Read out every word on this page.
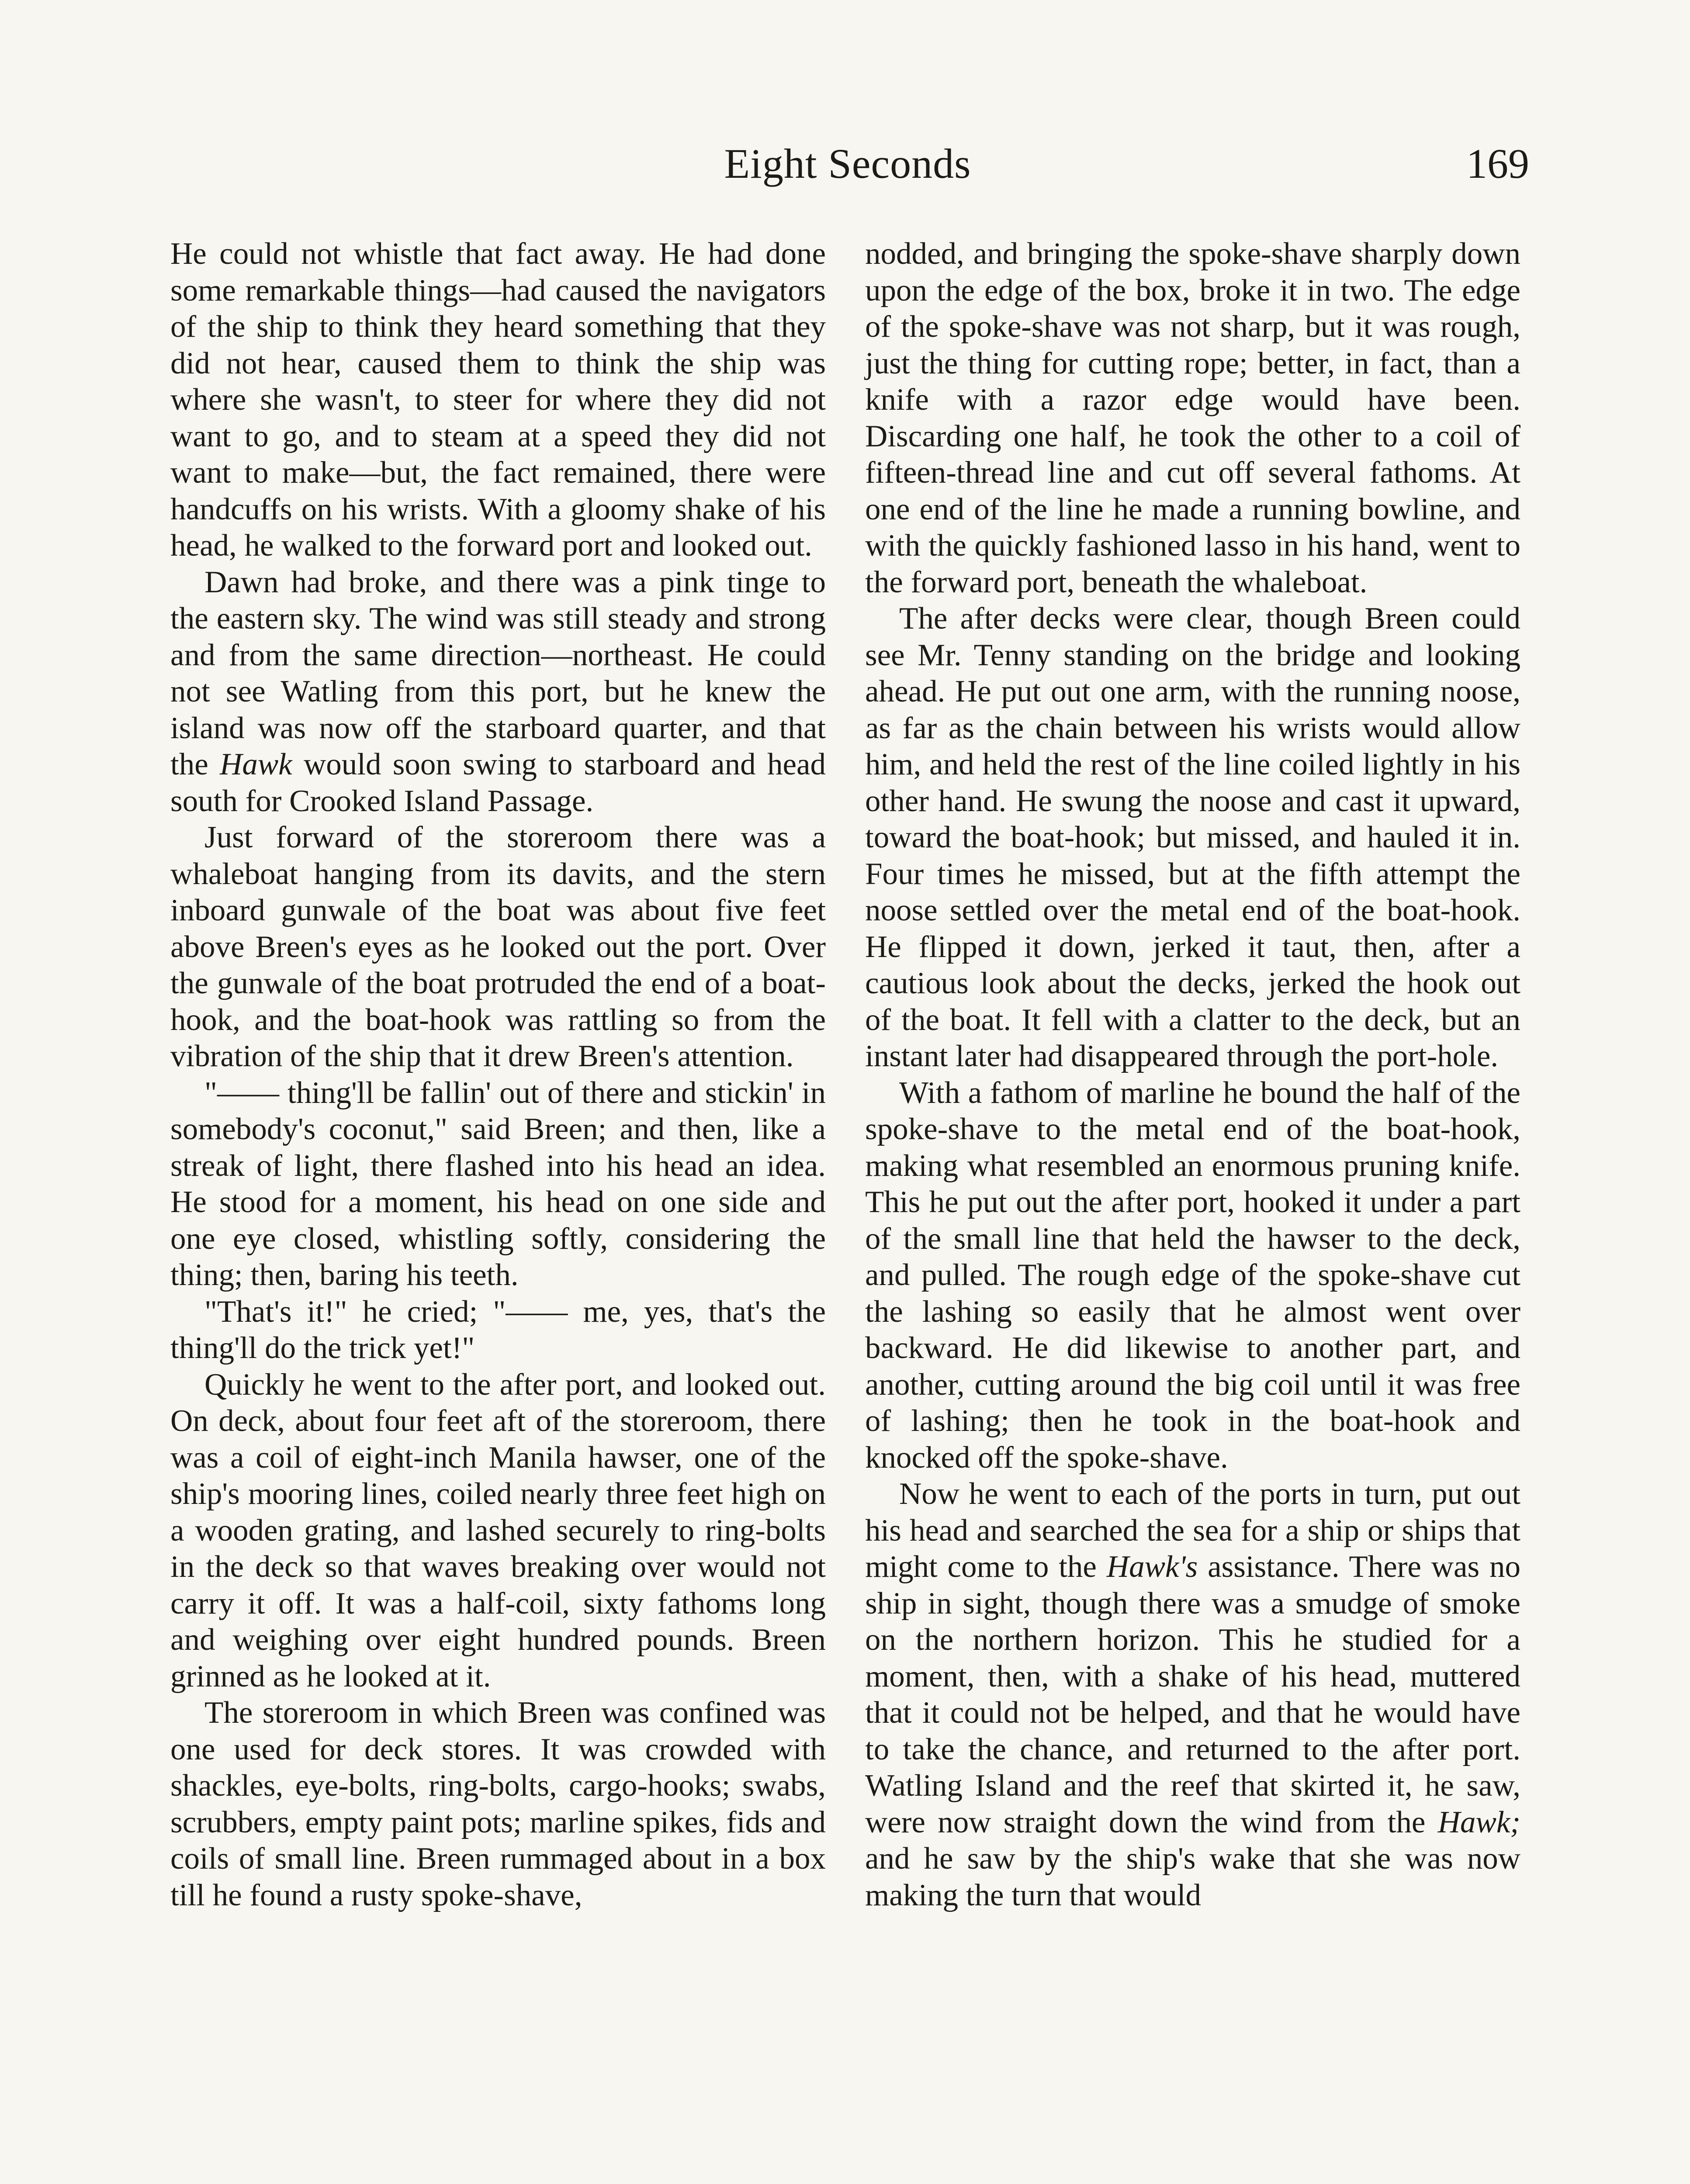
Eight Seconds	169

He could not whistle that fact away. He had done some remarkable things—had caused the navigators of the ship to think they heard something that they did not hear, caused them to think the ship was where she wasn't, to steer for where they did not want to go, and to steam at a speed they did not want to make—but, the fact remained, there were handcuffs on his wrists. With a gloomy shake of his head, he walked to the forward port and looked out.

Dawn had broke, and there was a pink tinge to the eastern sky. The wind was still steady and strong and from the same direction—northeast. He could not see Watling from this port, but he knew the island was now off the starboard quarter, and that the Hawk would soon swing to starboard and head south for Crooked Island Passage.

Just forward of the storeroom there was a whaleboat hanging from its davits, and the stern inboard gunwale of the boat was about five feet above Breen's eyes as he looked out the port. Over the gunwale of the boat protruded the end of a boat-hook, and the boat-hook was rattling so from the vibration of the ship that it drew Breen's attention.

"—— thing'll be fallin' out of there and stickin' in somebody's coconut," said Breen; and then, like a streak of light, there flashed into his head an idea. He stood for a moment, his head on one side and one eye closed, whistling softly, considering the thing; then, baring his teeth.

"That's it!" he cried; "—— me, yes, that's the thing'll do the trick yet!"

Quickly he went to the after port, and looked out. On deck, about four feet aft of the storeroom, there was a coil of eight-inch Manila hawser, one of the ship's mooring lines, coiled nearly three feet high on a wooden grating, and lashed securely to ring-bolts in the deck so that waves breaking over would not carry it off. It was a half-coil, sixty fathoms long and weighing over eight hundred pounds. Breen grinned as he looked at it.

The storeroom in which Breen was confined was one used for deck stores. It was crowded with shackles, eye-bolts, ring-bolts, cargo-hooks; swabs, scrubbers, empty paint pots; marline spikes, fids and coils of small line. Breen rummaged about in a box till he found a rusty spoke-shave,

nodded, and bringing the spoke-shave sharply down upon the edge of the box, broke it in two. The edge of the spoke-shave was not sharp, but it was rough, just the thing for cutting rope; better, in fact, than a knife with a razor edge would have been. Discarding one half, he took the other to a coil of fifteen-thread line and cut off several fathoms. At one end of the line he made a running bowline, and with the quickly fashioned lasso in his hand, went to the forward port, beneath the whaleboat.

The after decks were clear, though Breen could see Mr. Tenny standing on the bridge and looking ahead. He put out one arm, with the running noose, as far as the chain between his wrists would allow him, and held the rest of the line coiled lightly in his other hand. He swung the noose and cast it upward, toward the boat-hook; but missed, and hauled it in. Four times he missed, but at the fifth attempt the noose settled over the metal end of the boat-hook. He flipped it down, jerked it taut, then, after a cautious look about the decks, jerked the hook out of the boat. It fell with a clatter to the deck, but an instant later had disappeared through the port-hole.

With a fathom of marline he bound the half of the spoke-shave to the metal end of the boat-hook, making what resembled an enormous pruning knife. This he put out the after port, hooked it under a part of the small line that held the hawser to the deck, and pulled. The rough edge of the spoke-shave cut the lashing so easily that he almost went over backward. He did likewise to another part, and another, cutting around the big coil until it was free of lashing; then he took in the boat-hook and knocked off the spoke-shave.

Now he went to each of the ports in turn, put out his head and searched the sea for a ship or ships that might come to the Hawk's assistance. There was no ship in sight, though there was a smudge of smoke on the northern horizon. This he studied for a moment, then, with a shake of his head, muttered that it could not be helped, and that he would have to take the chance, and returned to the after port. Watling Island and the reef that skirted it, he saw, were now straight down the wind from the Hawk; and he saw by the ship's wake that she was now making the turn that would
